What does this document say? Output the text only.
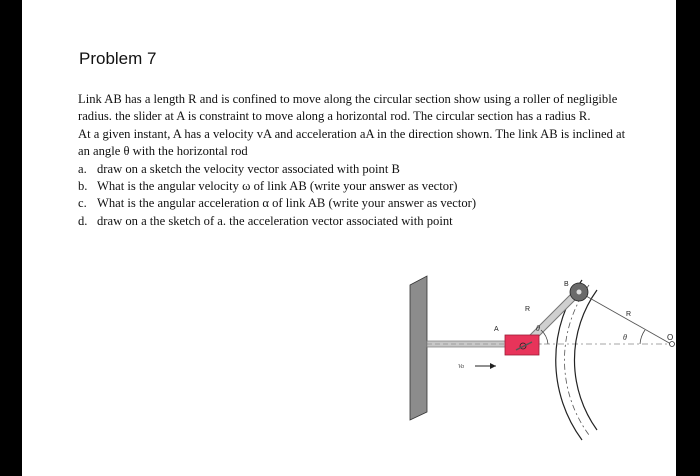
Problem 7

Link AB has a length R and is confined to move along the circular section show using a roller of negligible radius. the slider at A is constraint to move along a horizontal rod. The circular section has a radius R.

At a given instant, A has a velocity vA and acceleration aA in the direction shown. The link AB is inclined at an angle θ with the horizontal rod

a. draw on a sketch the velocity vector associated with point B
b. What is the angular velocity ω of link AB (write your answer as vector)
c. What is the angular acceleration α of link AB (write your answer as vector)
d. draw on a the sketch of a. the acceleration vector associated with point
B
A
R
R
θ
θ	O
Va
